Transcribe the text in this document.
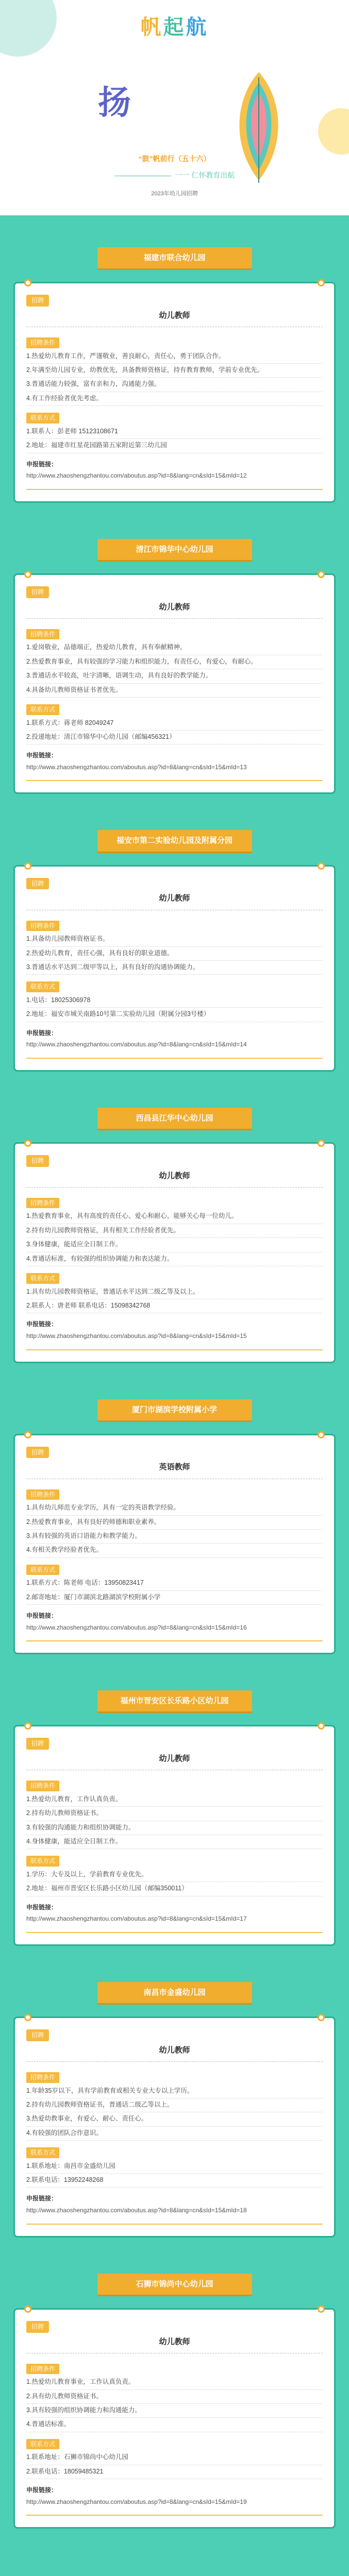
帆起航
扬
“鼓”帆前行（五十六）
一一 仁怀教育出航
2023年幼儿园招聘
福建市联合幼儿园
招聘
幼儿教师
招聘条件
1.热爱幼儿教育工作，严谨敬业，善良耐心，责任心，勇于团队合作。
2.年满至幼儿园专业，幼教优先，具备教师资格证，持有教育教师，学前专业优先。
3.普通话能力较强，富有亲和力，沟通能力强。
4.有工作经验者优先考虑。
联系方式
1.联系人：彭老师 15123108671
2.地址：福建市红星花园路第五家附近第三幼儿园
申报链接：
http://www.zhaoshengzhantou.com/aboutus.asp?id=8&lang=cn&sId=15&mId=12
清江市锦华中心幼儿园
招聘
幼儿教师
招聘条件
1.爱岗敬业，品德端正，热爱幼儿教育，具有奉献精神。
2.热爱教育事业，具有较强的学习能力和组织能力，有责任心，有爱心，有耐心。
3.普通话水平较高，吐字清晰，语调生动，具有良好的教学能力。
4.具备幼儿教师资格证书者优先。
联系方式
1.联系方式：蒋老师 82049247
2.投递地址：清江市锦华中心幼儿园（邮编456321）
申报链接：
http://www.zhaoshengzhantou.com/aboutus.asp?id=8&lang=cn&sId=15&mId=13
福安市第二实验幼儿园及附属分园
招聘
幼儿教师
招聘条件
1.具备幼儿园教师资格证书。
2.热爱幼儿教育，责任心强，具有良好的职业道德。
3.普通话水平达到二级甲等以上，具有良好的沟通协调能力。
联系方式
1.电话：18025306978
2.地址：福安市城关南路10号第二实验幼儿园（附属分园3号楼）
申报链接：
http://www.zhaoshengzhantou.com/aboutus.asp?id=8&lang=cn&sId=15&mId=14
西昌县江华中心幼儿园
招聘
幼儿教师
招聘条件
1.热爱教育事业，具有高度的责任心、爱心和耐心，能够关心每一位幼儿。
2.持有幼儿园教师资格证，具有相关工作经验者优先。
3.身体健康，能适应全日制工作。
4.普通话标准，有较强的组织协调能力和表达能力。
联系方式
1.具有幼儿园教师资格证，普通话水平达到二级乙等及以上。
2.联系人：唐老师 联系电话：15098342768
申报链接：
http://www.zhaoshengzhantou.com/aboutus.asp?id=8&lang=cn&sId=15&mId=15
厦门市湖滨学校附属小学
招聘
英语教师
招聘条件
1.具有幼儿师范专业学历，具有一定的英语教学经验。
2.热爱教育事业，具有良好的师德和职业素养。
3.具有较强的英语口语能力和教学能力。
4.有相关教学经验者优先。
联系方式
1.联系方式：陈老师 电话：13950823417
2.邮寄地址：厦门市湖滨北路湖滨学校附属小学
申报链接：
http://www.zhaoshengzhantou.com/aboutus.asp?id=8&lang=cn&sId=15&mId=16
福州市晋安区长乐路小区幼儿园
招聘
幼儿教师
招聘条件
1.热爱幼儿教育，工作认真负责。
2.持有幼儿教师资格证书。
3.有较强的沟通能力和组织协调能力。
4.身体健康，能适应全日制工作。
联系方式
1.学历：大专及以上，学前教育专业优先。
2.地址：福州市晋安区长乐路小区幼儿园（邮编350011）
申报链接：
http://www.zhaoshengzhantou.com/aboutus.asp?id=8&lang=cn&sId=15&mId=17
南昌市金盛幼儿园
招聘
幼儿教师
招聘条件
1.年龄35岁以下，具有学前教育或相关专业大专以上学历。
2.持有幼儿园教师资格证书，普通话二级乙等以上。
3.热爱幼教事业，有爱心、耐心、责任心。
4.有较强的团队合作意识。
联系方式
1.联系地址：南昌市金盛幼儿园
2.联系电话：13952248268
申报链接：
http://www.zhaoshengzhantou.com/aboutus.asp?id=8&lang=cn&sId=15&mId=18
石狮市锦尚中心幼儿园
招聘
幼儿教师
招聘条件
1.热爱幼儿教育事业，工作认真负责。
2.具有幼儿教师资格证书。
3.具有较强的组织协调能力和沟通能力。
4.普通话标准。
联系方式
1.联系地址：石狮市锦尚中心幼儿园
2.联系电话：18059485321
申报链接：
http://www.zhaoshengzhantou.com/aboutus.asp?id=8&lang=cn&sId=15&mId=19
